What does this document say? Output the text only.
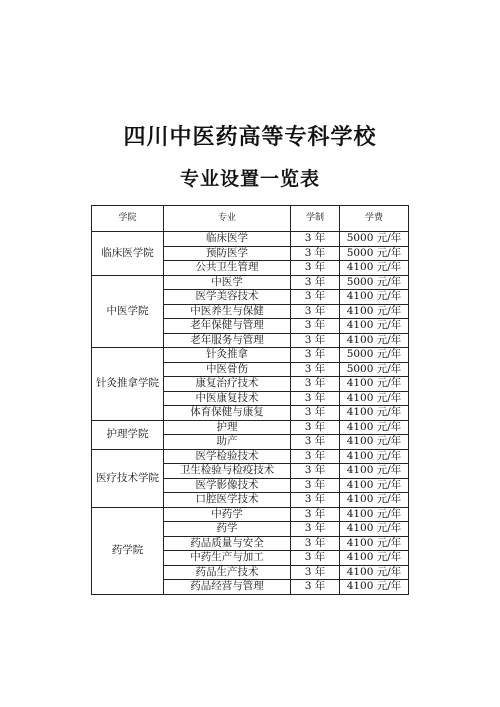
四川中医药高等专科学校
专业设置一览表
学院	专业	学制	学费
临床医学院	临床医学	3 年	5000 元/年
	预防医学	3 年	5000 元/年
	公共卫生管理	3 年	4100 元/年
中医学院	中医学	3 年	5000 元/年
	医学美容技术	3 年	4100 元/年
	中医养生与保健	3 年	4100 元/年
	老年保健与管理	3 年	4100 元/年
	老年服务与管理	3 年	4100 元/年
针灸推拿学院	针灸推拿	3 年	5000 元/年
	中医骨伤	3 年	5000 元/年
	康复治疗技术	3 年	4100 元/年
	中医康复技术	3 年	4100 元/年
	体育保健与康复	3 年	4100 元/年
护理学院	护理	3 年	4100 元/年
	助产	3 年	4100 元/年
医疗技术学院	医学检验技术	3 年	4100 元/年
	卫生检验与检疫技术	3 年	4100 元/年
	医学影像技术	3 年	4100 元/年
	口腔医学技术	3 年	4100 元/年
药学院	中药学	3 年	4100 元/年
	药学	3 年	4100 元/年
	药品质量与安全	3 年	4100 元/年
	中药生产与加工	3 年	4100 元/年
	药品生产技术	3 年	4100 元/年
	药品经营与管理	3 年	4100 元/年
